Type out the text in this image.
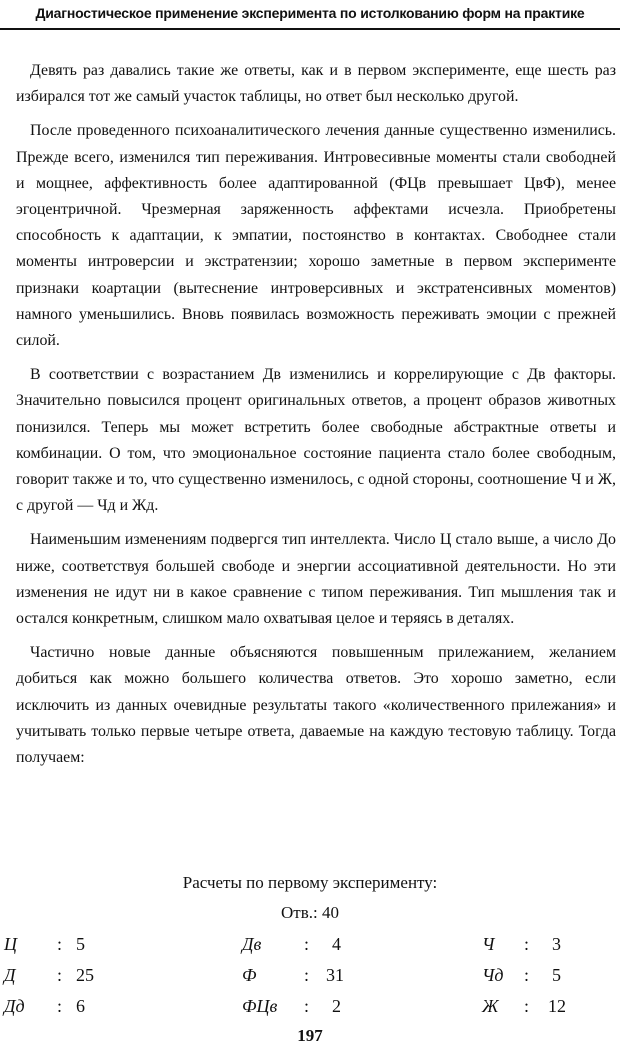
Диагностическое применение эксперимента по истолкованию форм на практике

Девять раз давались такие же ответы, как и в первом эксперименте, еще шесть раз избирался тот же самый участок таблицы, но ответ был несколько другой.

После проведенного психоаналитического лечения данные существенно изменились. Прежде всего, изменился тип переживания. Интровесивные моменты стали свободней и мощнее, аффективность более адаптированной (ФЦв превышает ЦвФ), менее эгоцентричной. Чрезмерная заряженность аффектами исчезла. Приобретены способность к адаптации, к эмпатии, постоянство в контактах. Свободнее стали моменты интроверсии и экстратензии; хорошо заметные в первом эксперименте признаки коартации (вытеснение интроверсивных и экстратенсивных моментов) намного уменьшились. Вновь появилась возможность переживать эмоции с прежней силой.

В соответствии с возрастанием Дв изменились и коррелирующие с Дв факторы. Значительно повысился процент оригинальных ответов, а процент образов животных понизился. Теперь мы может встретить более свободные абстрактные ответы и комбинации. О том, что эмоциональное состояние пациента стало более свободным, говорит также и то, что существенно изменилось, с одной стороны, соотношение Ч и Ж, с другой — Чд и Жд.

Наименьшим изменениям подвергся тип интеллекта. Число Ц стало выше, а число До ниже, соответствуя большей свободе и энергии ассоциативной деятельности. Но эти изменения не идут ни в какое сравнение с типом переживания. Тип мышления так и остался конкретным, слишком мало охватывая целое и теряясь в деталях.

Частично новые данные объясняются повышенным прилежанием, желанием добиться как можно большего количества ответов. Это хорошо заметно, если исключить из данных очевидные результаты такого «количественного прилежания» и учитывать только первые четыре ответа, даваемые на каждую тестовую таблицу. Тогда получаем:

Расчеты по первому эксперименту:
Отв.: 40
Ц : 5	Дв : 4	Ч : 3
Д : 25	Ф	: 31	Чд : 5
Дд : 6	ФЦв : 2	Ж : 12
197
